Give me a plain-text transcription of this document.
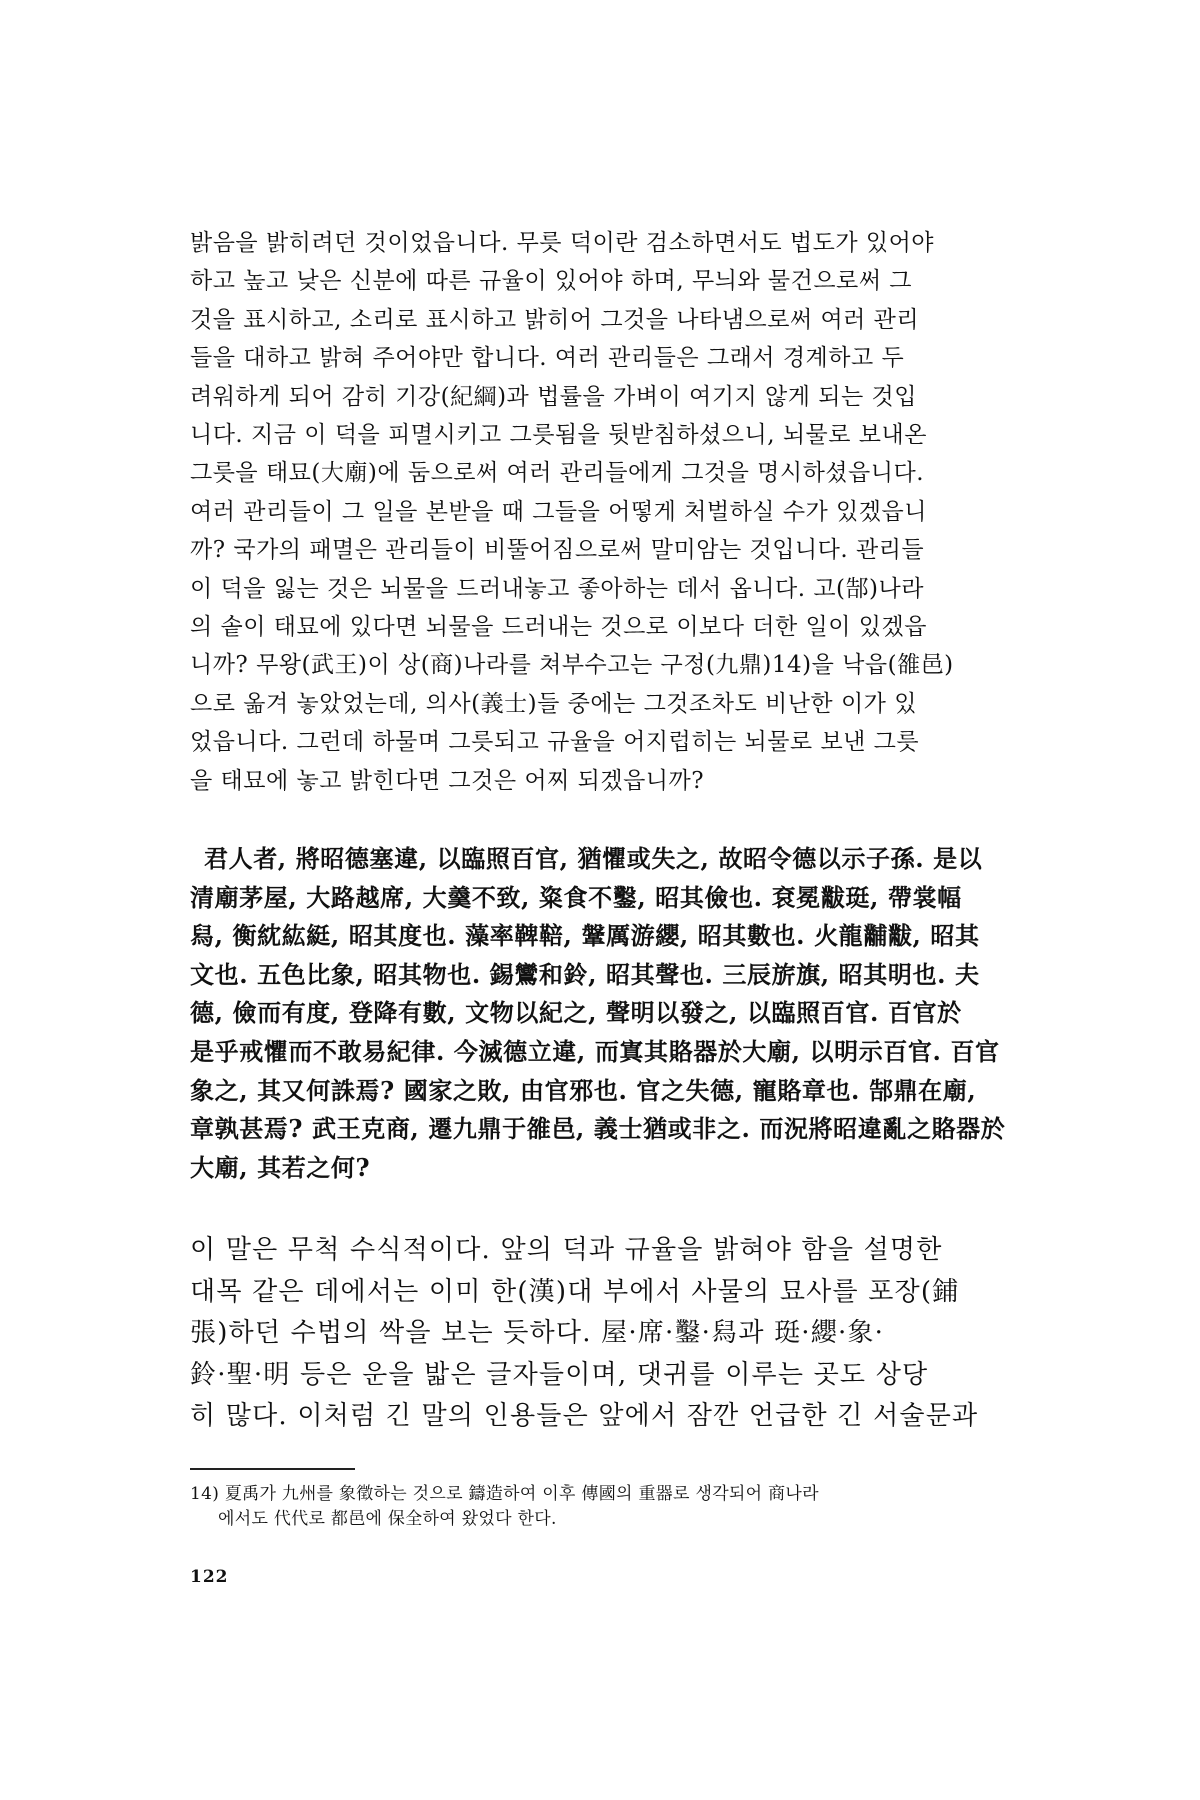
밝음을 밝히려던 것이었읍니다. 무릇 덕이란 검소하면서도 법도가 있어야
하고 높고 낮은 신분에 따른 규율이 있어야 하며, 무늬와 물건으로써 그
것을 표시하고, 소리로 표시하고 밝히어 그것을 나타냄으로써 여러 관리
들을 대하고 밝혀 주어야만 합니다. 여러 관리들은 그래서 경계하고 두
려워하게 되어 감히 기강(紀綱)과 법률을 가벼이 여기지 않게 되는 것입
니다. 지금 이 덕을 피멸시키고 그릇됨을 뒷받침하셨으니, 뇌물로 보내온
그릇을 태묘(大廟)에 둠으로써 여러 관리들에게 그것을 명시하셨읍니다.
여러 관리들이 그 일을 본받을 때 그들을 어떻게 처벌하실 수가 있겠읍니
까? 국가의 패멸은 관리들이 비뚤어짐으로써 말미암는 것입니다. 관리들
이 덕을 잃는 것은 뇌물을 드러내놓고 좋아하는 데서 옵니다. 고(郜)나라
의 솥이 태묘에 있다면 뇌물을 드러내는 것으로 이보다 더한 일이 있겠읍
니까? 무왕(武王)이 상(商)나라를 쳐부수고는 구정(九鼎)14)을 낙읍(雒邑)
으로 옮겨 놓았었는데, 의사(義士)들 중에는 그것조차도 비난한 이가 있
었읍니다. 그런데 하물며 그릇되고 규율을 어지럽히는 뇌물로 보낸 그릇
을 태묘에 놓고 밝힌다면 그것은 어찌 되겠읍니까?

君人者, 將昭德塞違, 以臨照百官, 猶懼或失之, 故昭令德以示子孫. 是以
清廟茅屋, 大路越席, 大羹不致, 粢食不鑿, 昭其儉也. 袞冕黻珽, 帶裳幅
舄, 衡紞紘綎, 昭其度也. 藻率鞞鞛, 鞶厲游纓, 昭其數也. 火龍黼黻, 昭其
文也. 五色比象, 昭其物也. 錫鸞和鈴, 昭其聲也. 三辰旂旗, 昭其明也. 夫
德, 儉而有度, 登降有數, 文物以紀之, 聲明以發之, 以臨照百官. 百官於
是乎戒懼而不敢易紀律. 今滅德立違, 而寘其賂器於大廟, 以明示百官. 百官
象之, 其又何誅焉? 國家之敗, 由官邪也. 官之失德, 寵賂章也. 郜鼎在廟,
章孰甚焉? 武王克商, 遷九鼎于雒邑, 義士猶或非之. 而況將昭違亂之賂器於
大廟, 其若之何?

이 말은 무척 수식적이다. 앞의 덕과 규율을 밝혀야 함을 설명한
대목 같은 데에서는 이미 한(漢)대 부에서 사물의 묘사를 포장(鋪
張)하던 수법의 싹을 보는 듯하다. 屋·席·鑿·舄과 珽·纓·象·
鈴·聖·明 등은 운을 밟은 글자들이며, 댓귀를 이루는 곳도 상당
히 많다. 이처럼 긴 말의 인용들은 앞에서 잠깐 언급한 긴 서술문과

14) 夏禹가 九州를 象徵하는 것으로 鑄造하여 이후 傳國의 重器로 생각되어 商나라
에서도 代代로 都邑에 保全하여 왔었다 한다.

122
